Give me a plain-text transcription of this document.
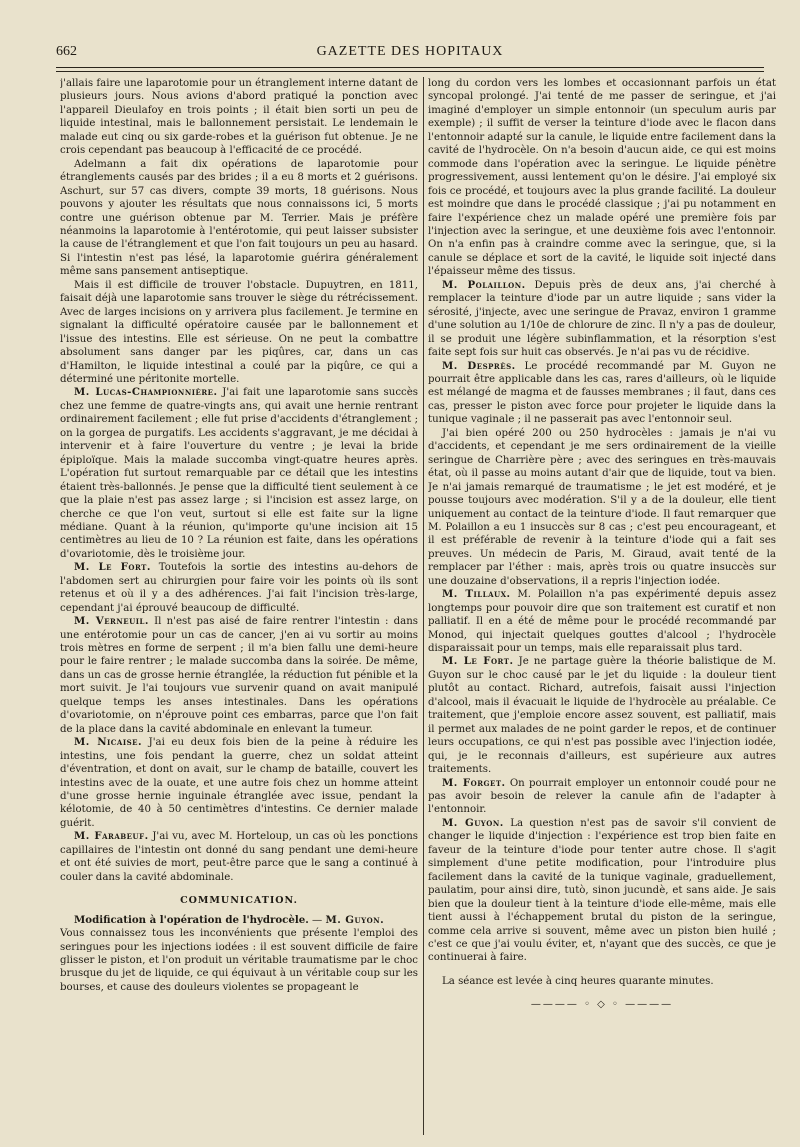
662	GAZETTE DES HOPITAUX

j'allais faire une laparotomie pour un étranglement interne datant de plusieurs jours. Nous avions d'abord pratiqué la ponction avec l'appareil Dieulafoy en trois points ; il était bien sorti un peu de liquide intestinal, mais le ballonnement persistait. Le lendemain le malade eut cinq ou six garde-robes et la guérison fut obtenue. Je ne crois cependant pas beaucoup à l'efficacité de ce procédé.

Adelmann a fait dix opérations de laparotomie pour étranglements causés par des brides ; il a eu 8 morts et 2 guérisons. Aschurt, sur 57 cas divers, compte 39 morts, 18 guérisons. Nous pouvons y ajouter les résultats que nous connaissons ici, 5 morts contre une guérison obtenue par M. Terrier. Mais je préfère néanmoins la laparotomie à l'entérotomie, qui peut laisser subsister la cause de l'étranglement et que l'on fait toujours un peu au hasard. Si l'intestin n'est pas lésé, la laparotomie guérira généralement même sans pansement antiseptique.

Mais il est difficile de trouver l'obstacle. Dupuytren, en 1811, faisait déjà une laparotomie sans trouver le siège du rétrécissement. Avec de larges incisions on y arrivera plus facilement. Je termine en signalant la difficulté opératoire causée par le ballonnement et l'issue des intestins. Elle est sérieuse. On ne peut la combattre absolument sans danger par les piqûres, car, dans un cas d'Hamilton, le liquide intestinal a coulé par la piqûre, ce qui a déterminé une péritonite mortelle.

M. Lucas-Championnière. J'ai fait une laparotomie sans succès chez une femme de quatre-vingts ans, qui avait une hernie rentrant ordinairement facilement ; elle fut prise d'accidents d'étranglement ; on la gorgea de purgatifs. Les accidents s'aggravant, je me décidai à intervenir et à faire l'ouverture du ventre ; je levai la bride épiploïque. Mais la malade succomba vingt-quatre heures après. L'opération fut surtout remarquable par ce détail que les intestins étaient très-ballonnés. Je pense que la difficulté tient seulement à ce que la plaie n'est pas assez large ; si l'incision est assez large, on cherche ce que l'on veut, surtout si elle est faite sur la ligne médiane. Quant à la réunion, qu'importe qu'une incision ait 15 centimètres au lieu de 10 ? La réunion est faite, dans les opérations d'ovariotomie, dès le troisième jour.

M. Le Fort. Toutefois la sortie des intestins au-dehors de l'abdomen sert au chirurgien pour faire voir les points où ils sont retenus et où il y a des adhérences. J'ai fait l'incision très-large, cependant j'ai éprouvé beaucoup de difficulté.

M. Verneuil. Il n'est pas aisé de faire rentrer l'intestin : dans une entérotomie pour un cas de cancer, j'en ai vu sortir au moins trois mètres en forme de serpent ; il m'a bien fallu une demi-heure pour le faire rentrer ; le malade succomba dans la soirée. De même, dans un cas de grosse hernie étranglée, la réduction fut pénible et la mort suivit. Je l'ai toujours vue survenir quand on avait manipulé quelque temps les anses intestinales. Dans les opérations d'ovariotomie, on n'éprouve point ces embarras, parce que l'on fait de la place dans la cavité abdominale en enlevant la tumeur.

M. Nicaise. J'ai eu deux fois bien de la peine à réduire les intestins, une fois pendant la guerre, chez un soldat atteint d'éventration, et dont on avait, sur le champ de bataille, couvert les intestins avec de la ouate, et une autre fois chez un homme atteint d'une grosse hernie inguinale étranglée avec issue, pendant la kélotomie, de 40 à 50 centimètres d'intestins. Ce dernier malade guérit.

M. Farabeuf. J'ai vu, avec M. Horteloup, un cas où les ponctions capillaires de l'intestin ont donné du sang pendant une demi-heure et ont été suivies de mort, peut-être parce que le sang a continué à couler dans la cavité abdominale.

COMMUNICATION.

Modification à l'opération de l'hydrocèle. — M. Guyon.

Vous connaissez tous les inconvénients que présente l'emploi des seringues pour les injections iodées : il est souvent difficile de faire glisser le piston, et l'on produit un véritable traumatisme par le choc brusque du jet de liquide, ce qui équivaut à un véritable coup sur les bourses, et cause des douleurs violentes se propageant le

long du cordon vers les lombes et occasionnant parfois un état syncopal prolongé. J'ai tenté de me passer de seringue, et j'ai imaginé d'employer un simple entonnoir (un speculum auris par exemple) ; il suffit de verser la teinture d'iode avec le flacon dans l'entonnoir adapté sur la canule, le liquide entre facilement dans la cavité de l'hydrocèle. On n'a besoin d'aucun aide, ce qui est moins commode dans l'opération avec la seringue. Le liquide pénètre progressivement, aussi lentement qu'on le désire. J'ai employé six fois ce procédé, et toujours avec la plus grande facilité. La douleur est moindre que dans le procédé classique ; j'ai pu notamment en faire l'expérience chez un malade opéré une première fois par l'injection avec la seringue, et une deuxième fois avec l'entonnoir. On n'a enfin pas à craindre comme avec la seringue, que, si la canule se déplace et sort de la cavité, le liquide soit injecté dans l'épaisseur même des tissus.

M. Polaillon. Depuis près de deux ans, j'ai cherché à remplacer la teinture d'iode par un autre liquide ; sans vider la sérosité, j'injecte, avec une seringue de Pravaz, environ 1 gramme d'une solution au 1/10e de chlorure de zinc. Il n'y a pas de douleur, il se produit une légère subinflammation, et la résorption s'est faite sept fois sur huit cas observés. Je n'ai pas vu de récidive.

M. Desprès. Le procédé recommandé par M. Guyon ne pourrait être applicable dans les cas, rares d'ailleurs, où le liquide est mélangé de magma et de fausses membranes ; il faut, dans ces cas, presser le piston avec force pour projeter le liquide dans la tunique vaginale ; il ne passerait pas avec l'entonnoir seul.

J'ai bien opéré 200 ou 250 hydrocèles : jamais je n'ai vu d'accidents, et cependant je me sers ordinairement de la vieille seringue de Charrière père ; avec des seringues en très-mauvais état, où il passe au moins autant d'air que de liquide, tout va bien. Je n'ai jamais remarqué de traumatisme ; le jet est modéré, et je pousse toujours avec modération. S'il y a de la douleur, elle tient uniquement au contact de la teinture d'iode. Il faut remarquer que M. Polaillon a eu 1 insuccès sur 8 cas ; c'est peu encourageant, et il est préférable de revenir à la teinture d'iode qui a fait ses preuves. Un médecin de Paris, M. Giraud, avait tenté de la remplacer par l'éther : mais, après trois ou quatre insuccès sur une douzaine d'observations, il a repris l'injection iodée.

M. Tillaux. M. Polaillon n'a pas expérimenté depuis assez longtemps pour pouvoir dire que son traitement est curatif et non palliatif. Il en a été de même pour le procédé recommandé par Monod, qui injectait quelques gouttes d'alcool ; l'hydrocèle disparaissait pour un temps, mais elle reparaissait plus tard.

M. Le Fort. Je ne partage guère la théorie balistique de M. Guyon sur le choc causé par le jet du liquide : la douleur tient plutôt au contact. Richard, autrefois, faisait aussi l'injection d'alcool, mais il évacuait le liquide de l'hydrocèle au préalable. Ce traitement, que j'emploie encore assez souvent, est palliatif, mais il permet aux malades de ne point garder le repos, et de continuer leurs occupations, ce qui n'est pas possible avec l'injection iodée, qui, je le reconnais d'ailleurs, est supérieure aux autres traitements.

M. Forget. On pourrait employer un entonnoir coudé pour ne pas avoir besoin de relever la canule afin de l'adapter à l'entonnoir.

M. Guyon. La question n'est pas de savoir s'il convient de changer le liquide d'injection : l'expérience est trop bien faite en faveur de la teinture d'iode pour tenter autre chose. Il s'agit simplement d'une petite modification, pour l'introduire plus facilement dans la cavité de la tunique vaginale, graduellement, paulatim, pour ainsi dire, tutò, sinon jucundè, et sans aide. Je sais bien que la douleur tient à la teinture d'iode elle-même, mais elle tient aussi à l'échappement brutal du piston de la seringue, comme cela arrive si souvent, même avec un piston bien huilé ; c'est ce que j'ai voulu éviter, et, n'ayant que des succès, ce que je continuerai à faire.

La séance est levée à cinq heures quarante minutes.

———— ◦ ◇ ◦ ————
